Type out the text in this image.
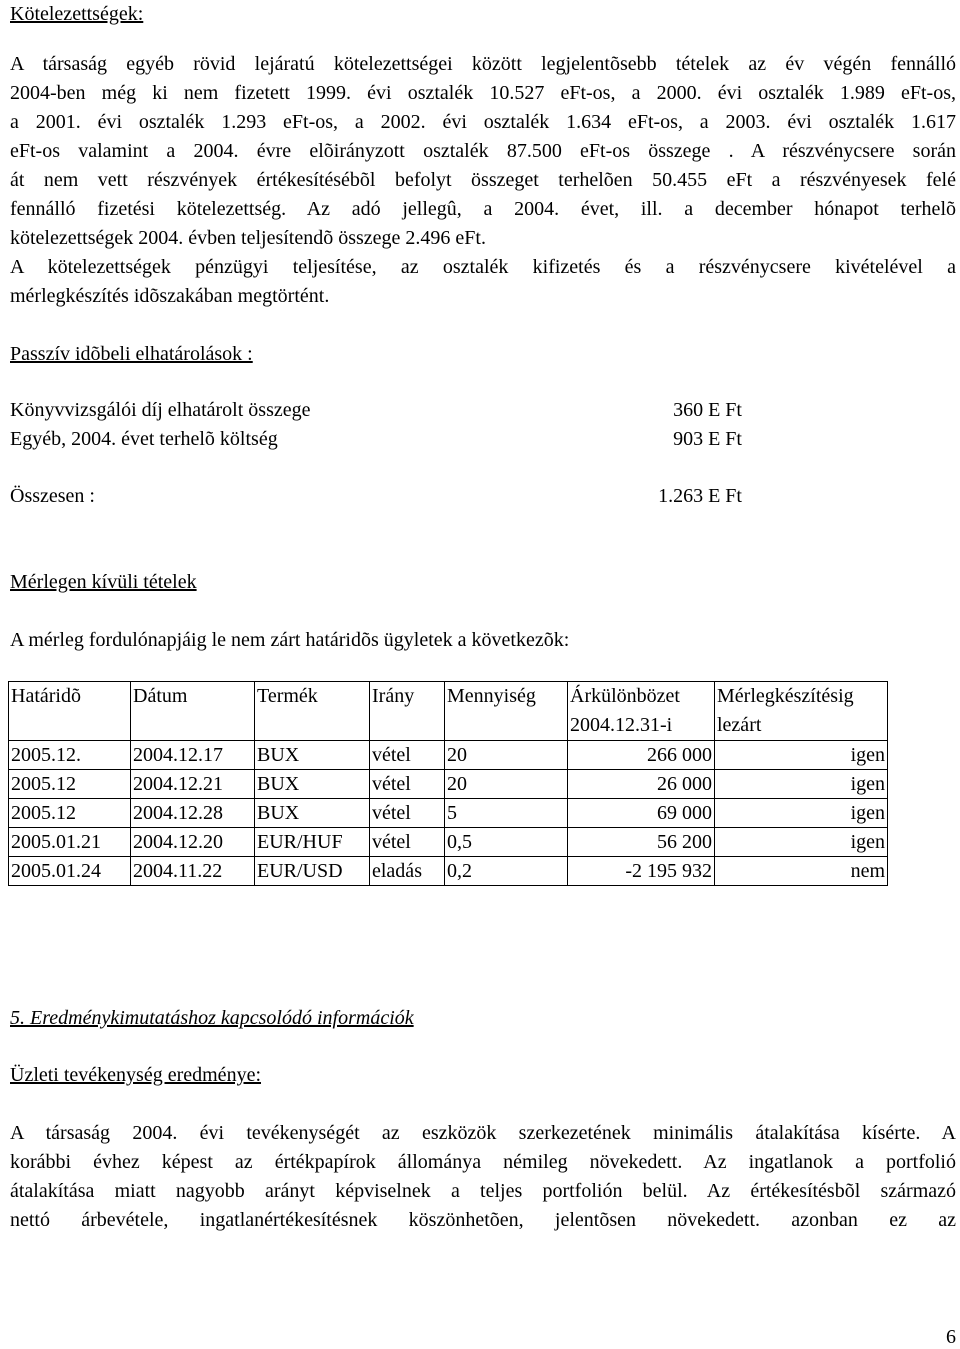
Kötelezettségek:
A társaság egyéb rövid lejáratú kötelezettségei között legjelentõsebb tételek az év végén fennálló
2004-ben még ki nem fizetett 1999. évi osztalék 10.527 eFt-os, a 2000. évi osztalék 1.989 eFt-os,
a 2001. évi osztalék 1.293 eFt-os, a 2002. évi osztalék 1.634 eFt-os, a 2003. évi osztalék 1.617
eFt-os valamint a 2004. évre elõirányzott osztalék 87.500 eFt-os összege . A részvénycsere során
át nem vett részvények értékesítésébõl befolyt összeget terhelõen 50.455 eFt a részvényesek felé
fennálló fizetési kötelezettség. Az adó jellegû, a 2004. évet, ill. a december hónapot terhelõ
kötelezettségek 2004. évben teljesítendõ összege 2.496 eFt.
A kötelezettségek pénzügyi teljesítése, az osztalék kifizetés és a részvénycsere kivételével a
mérlegkészítés idõszakában megtörtént.
Passzív idõbeli elhatárolások :
Könyvvizsgálói díj elhatárolt összege	360 E Ft
Egyéb, 2004. évet terhelõ költség	903 E Ft
Összesen :	1.263 E Ft
Mérlegen kívüli tételek
A mérleg fordulónapjáig le nem zárt határidõs ügyletek a következõk:
Határidõ	Dátum	Termék	Irány	Mennyiség	Árkülönbözet 2004.12.31-i	Mérlegkészítésig lezárt
2005.12.	2004.12.17	BUX	vétel	20	266 000	igen
2005.12	2004.12.21	BUX	vétel	20	26 000	igen
2005.12	2004.12.28	BUX	vétel	5	69 000	igen
2005.01.21	2004.12.20	EUR/HUF	vétel	0,5	56 200	igen
2005.01.24	2004.11.22	EUR/USD	eladás	0,2	-2 195 932	nem
5. Eredménykimutatáshoz kapcsolódó információk
Üzleti tevékenység eredménye:
A társaság 2004. évi tevékenységét az eszközök szerkezetének minimális átalakítása kísérte. A
korábbi évhez képest az értékpapírok állománya némileg növekedett. Az ingatlanok a portfolió
átalakítása miatt nagyobb arányt képviselnek a teljes portfolión belül. Az értékesítésbõl származó
nettó árbevétele, ingatlanértékesítésnek köszönhetõen, jelentõsen növekedett. azonban ez az
6
